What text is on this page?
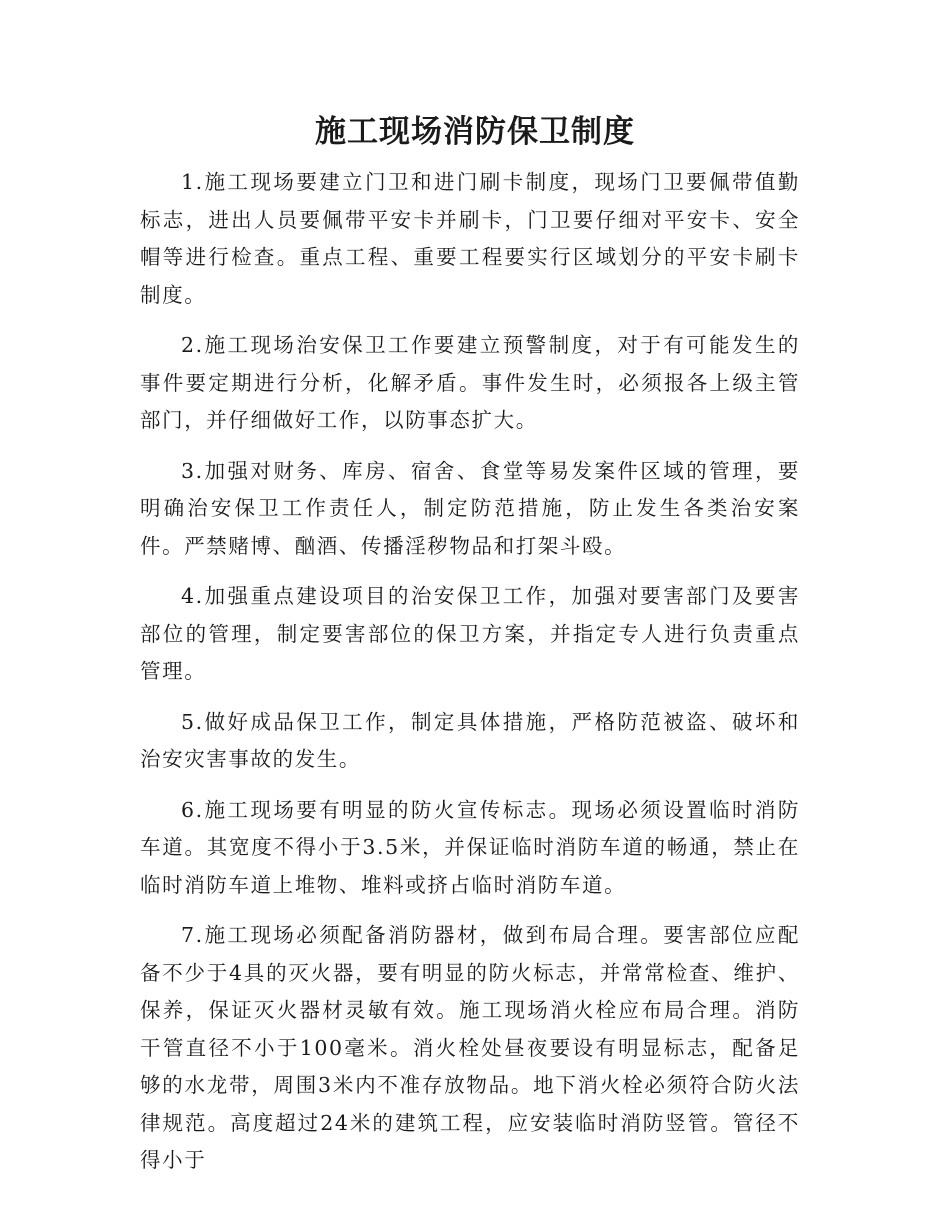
施工现场消防保卫制度

1.施工现场要建立门卫和进门刷卡制度，现场门卫要佩带值勤标志，进出人员要佩带平安卡并刷卡，门卫要仔细对平安卡、安全帽等进行检查。重点工程、重要工程要实行区域划分的平安卡刷卡制度。

2.施工现场治安保卫工作要建立预警制度，对于有可能发生的事件要定期进行分析，化解矛盾。事件发生时，必须报各上级主管部门，并仔细做好工作，以防事态扩大。

3.加强对财务、库房、宿舍、食堂等易发案件区域的管理，要明确治安保卫工作责任人，制定防范措施，防止发生各类治安案件。严禁赌博、酗酒、传播淫秽物品和打架斗殴。

4.加强重点建设项目的治安保卫工作，加强对要害部门及要害部位的管理，制定要害部位的保卫方案，并指定专人进行负责重点管理。

5.做好成品保卫工作，制定具体措施，严格防范被盗、破坏和治安灾害事故的发生。

6.施工现场要有明显的防火宣传标志。现场必须设置临时消防车道。其宽度不得小于3.5米，并保证临时消防车道的畅通，禁止在临时消防车道上堆物、堆料或挤占临时消防车道。

7.施工现场必须配备消防器材，做到布局合理。要害部位应配备不少于4具的灭火器，要有明显的防火标志，并常常检查、维护、保养，保证灭火器材灵敏有效。施工现场消火栓应布局合理。消防干管直径不小于100毫米。消火栓处昼夜要设有明显标志，配备足够的水龙带，周围3米内不准存放物品。地下消火栓必须符合防火法律规范。高度超过24米的建筑工程，应安装临时消防竖管。管径不得小于
